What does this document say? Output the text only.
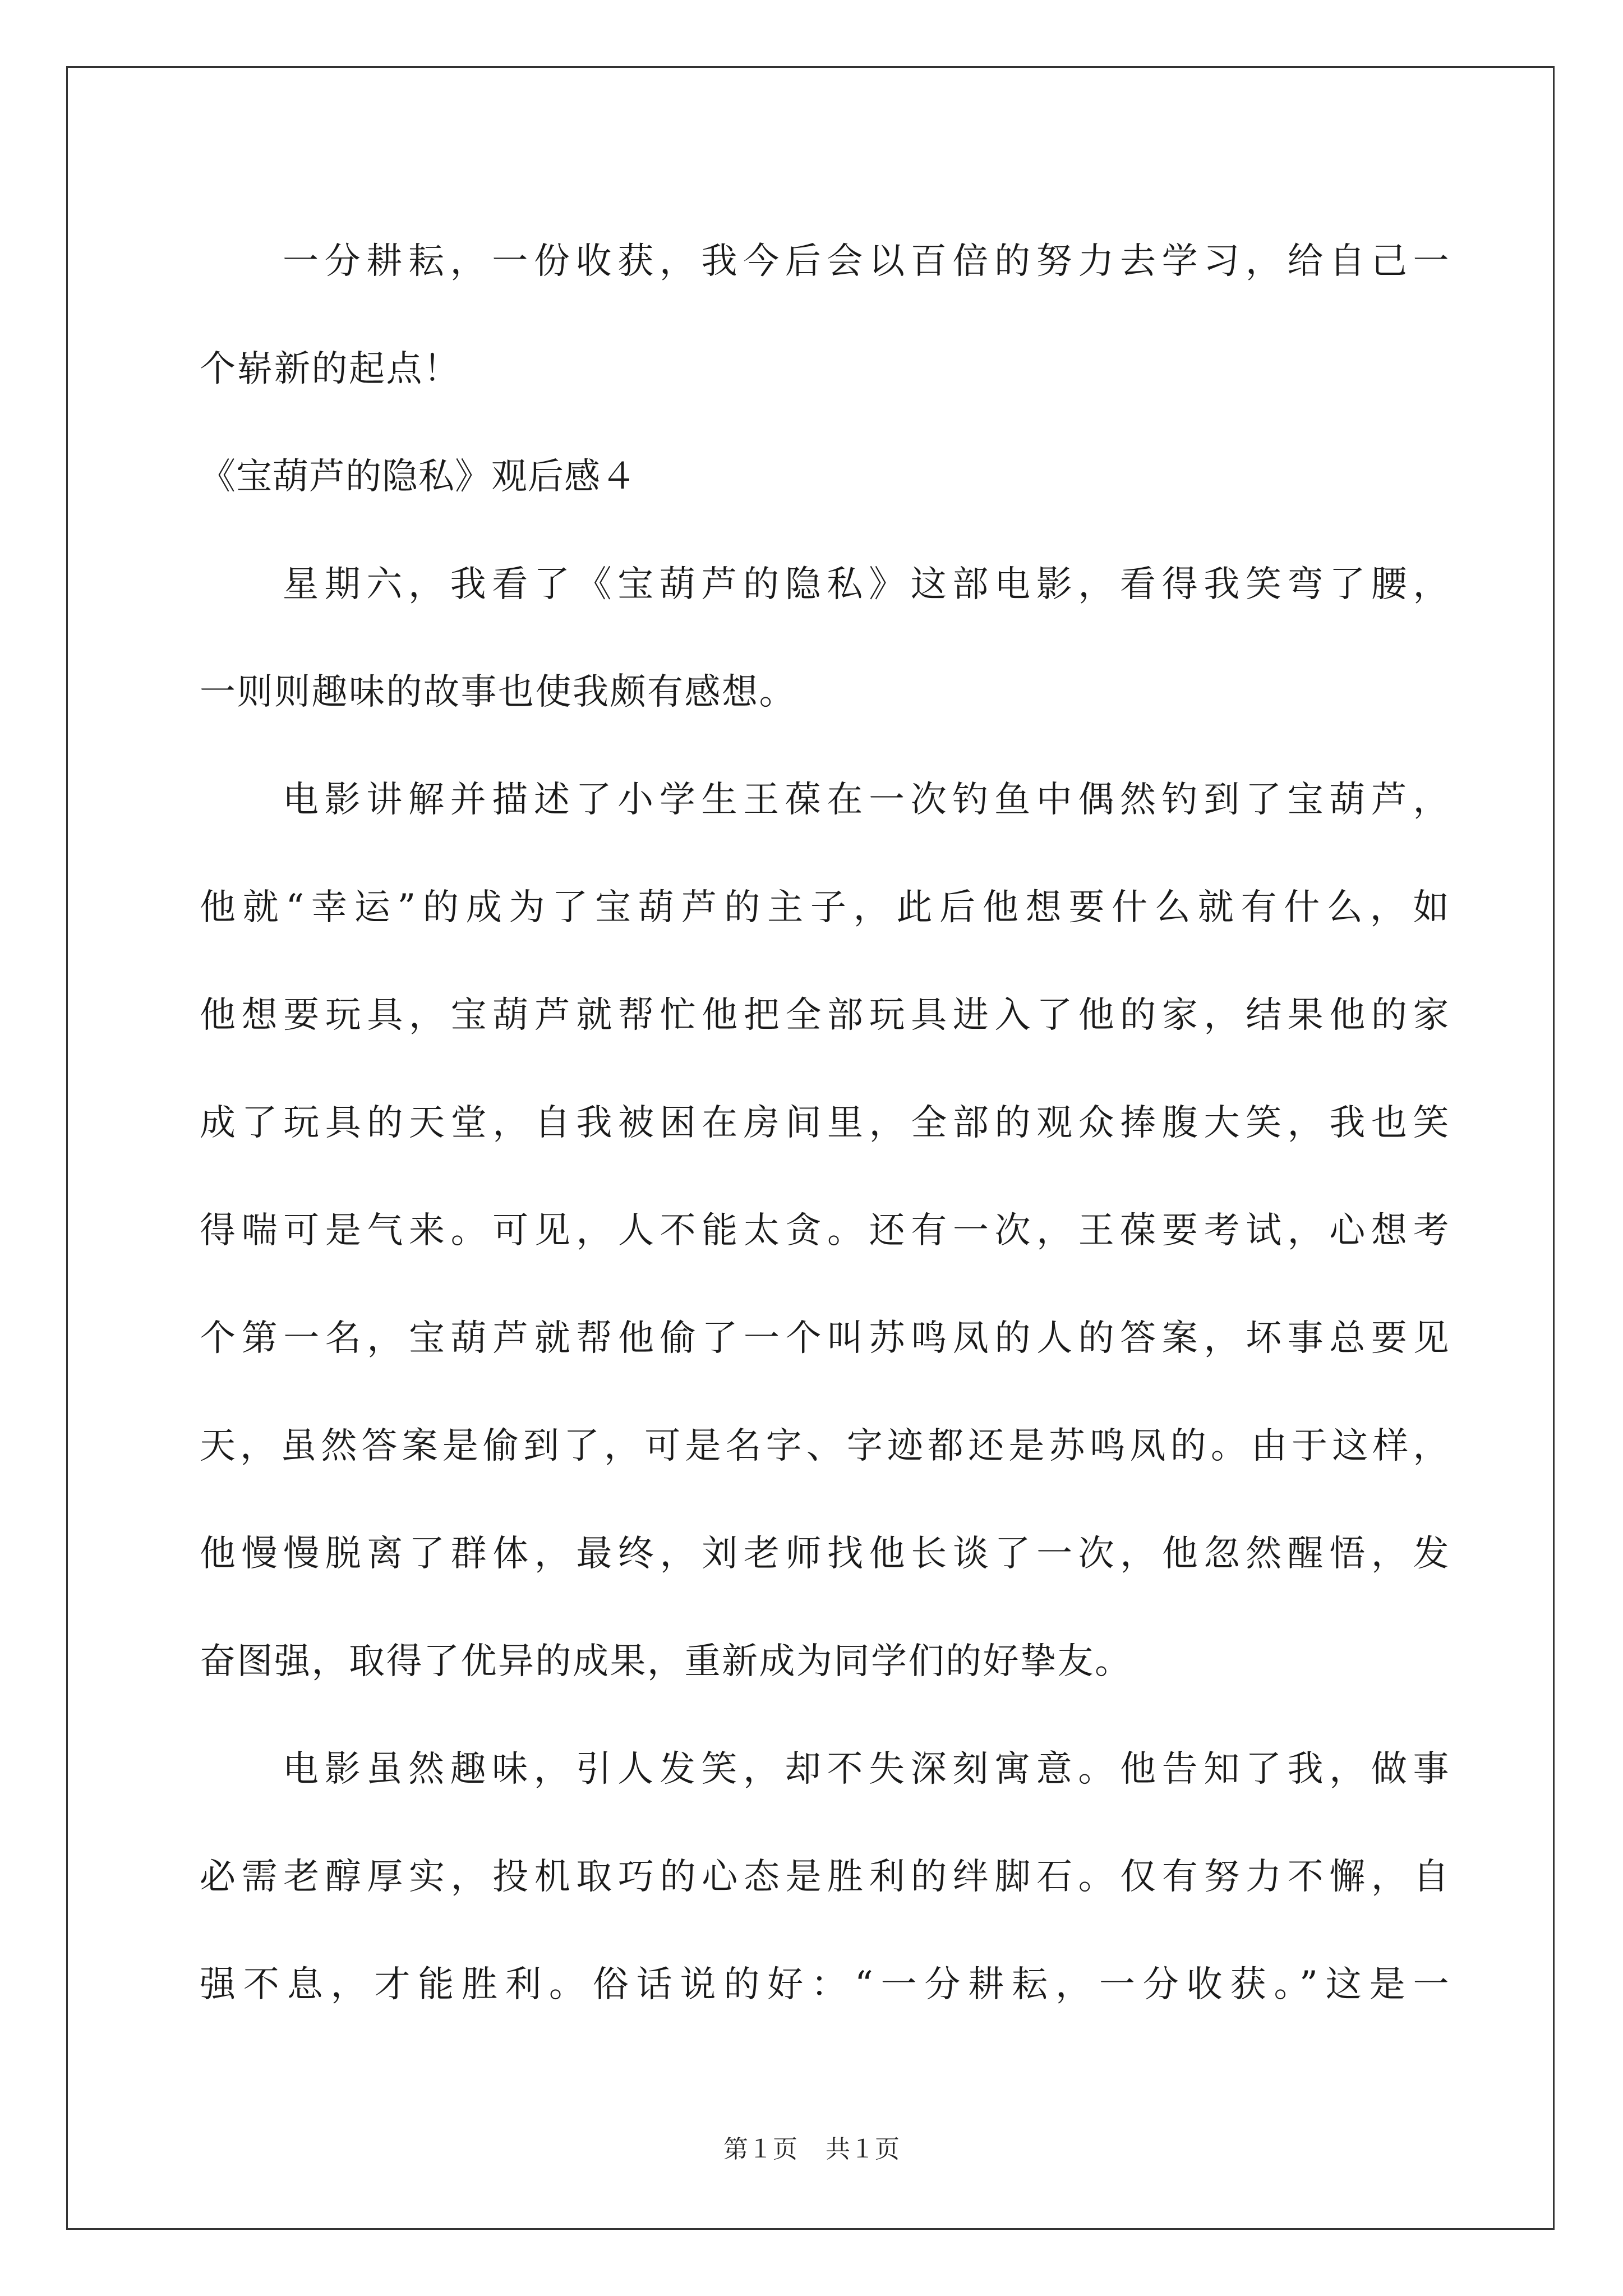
一分耕耘，一份收获，我今后会以百倍的努力去学习，给自己一
个崭新的起点！
《宝葫芦的隐私》观后感４
星期六，我看了《宝葫芦的隐私》这部电影，看得我笑弯了腰，
一则则趣味的故事也使我颇有感想。
电影讲解并描述了小学生王葆在一次钓鱼中偶然钓到了宝葫芦，
他就“幸运”的成为了宝葫芦的主子，此后他想要什么就有什么，如
他想要玩具，宝葫芦就帮忙他把全部玩具进入了他的家，结果他的家
成了玩具的天堂，自我被困在房间里，全部的观众捧腹大笑，我也笑
得喘可是气来。可见，人不能太贪。还有一次，王葆要考试，心想考
个第一名，宝葫芦就帮他偷了一个叫苏鸣凤的人的答案，坏事总要见
天，虽然答案是偷到了，可是名字、字迹都还是苏鸣凤的。由于这样，
他慢慢脱离了群体，最终，刘老师找他长谈了一次，他忽然醒悟，发
奋图强，取得了优异的成果，重新成为同学们的好挚友。
电影虽然趣味，引人发笑，却不失深刻寓意。他告知了我，做事
必需老醇厚实，投机取巧的心态是胜利的绊脚石。仅有努力不懈，自
强不息，才能胜利。俗话说的好：“一分耕耘，一分收获。”这是一
第１页 共１页
